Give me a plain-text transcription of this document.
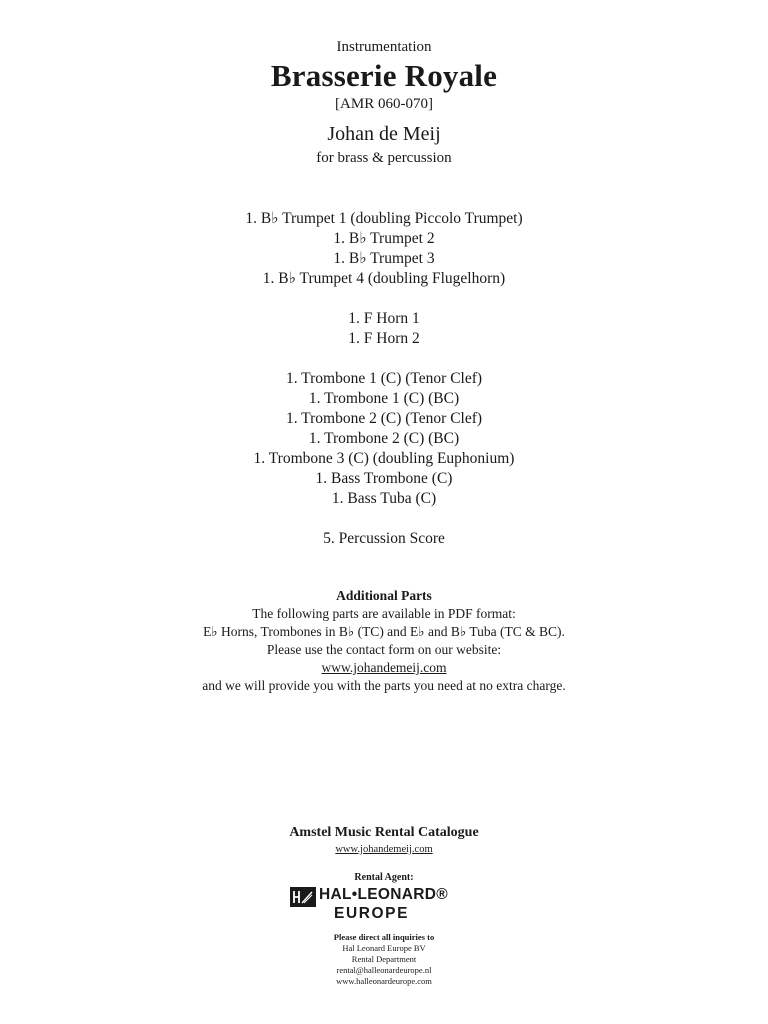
Instrumentation
Brasserie Royale
[AMR 060-070]
Johan de Meij
for brass & percussion
1. B♭ Trumpet 1 (doubling Piccolo Trumpet)
1. B♭ Trumpet 2
1. B♭ Trumpet 3
1. B♭ Trumpet 4 (doubling Flugelhorn)
1. F Horn 1
1. F Horn 2
1. Trombone 1 (C) (Tenor Clef)
1. Trombone 1 (C) (BC)
1. Trombone 2 (C) (Tenor Clef)
1. Trombone 2 (C) (BC)
1. Trombone 3 (C) (doubling Euphonium)
1. Bass Trombone (C)
1. Bass Tuba (C)
5. Percussion Score
Additional Parts
The following parts are available in PDF format:
E♭ Horns, Trombones in B♭ (TC) and E♭ and B♭ Tuba (TC & BC).
Please use the contact form on our website:
www.johandemeij.com
and we will provide you with the parts you need at no extra charge.
Amstel Music Rental Catalogue
www.johandemeij.com
Rental Agent:
HAL•LEONARD®
EUROPE
Please direct all inquiries to
Hal Leonard Europe BV
Rental Department
rental@halleonardeurope.nl
www.halleonardeurope.com
